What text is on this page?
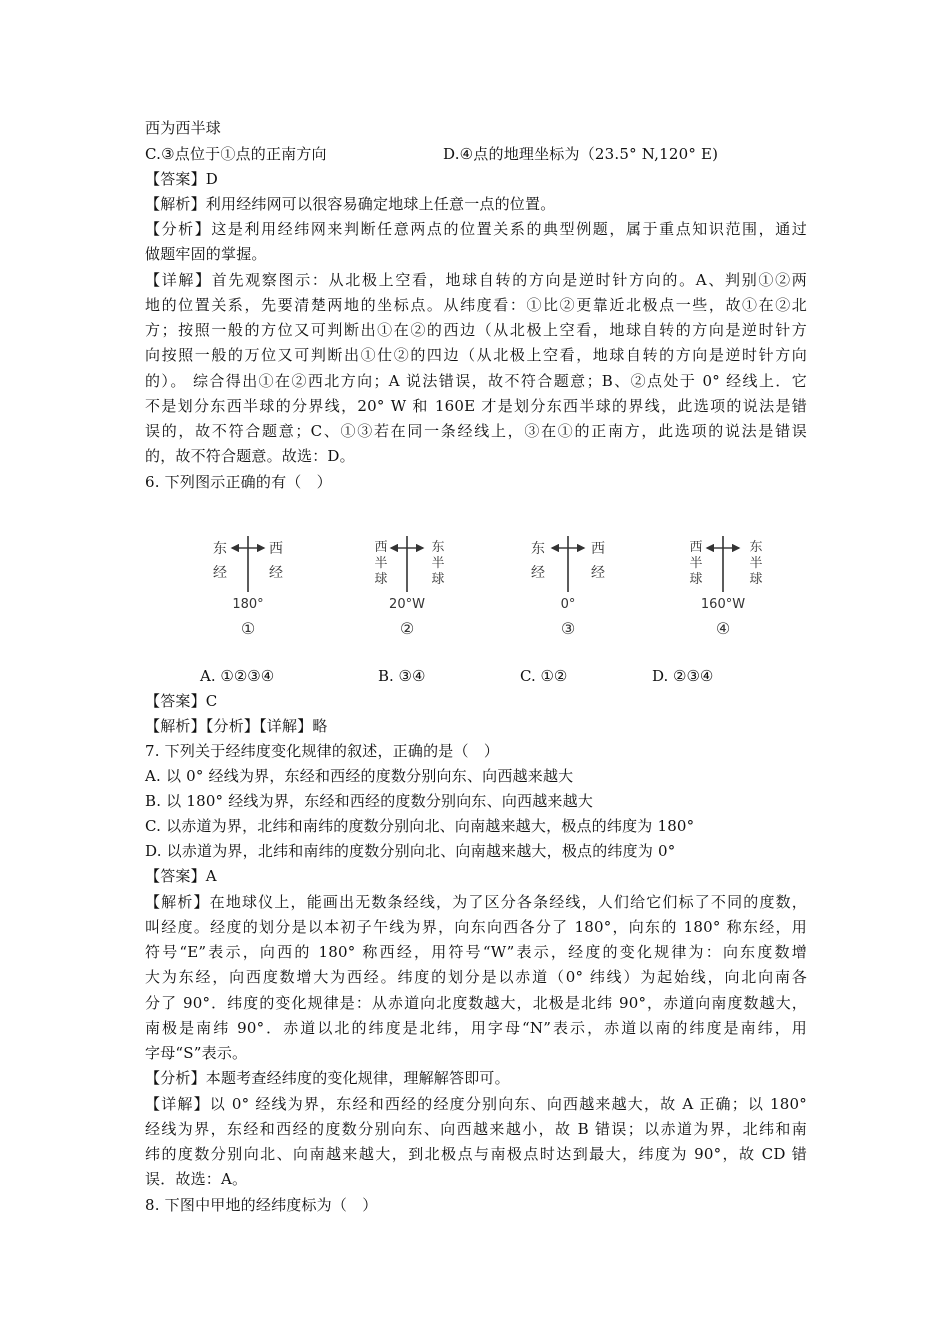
西为西半球
C.③点位于①点的正南方向	D.④点的地理坐标为（23.5° N,120° E)
【答案】D
【解析】利用经纬网可以很容易确定地球上任意一点的位置。
【分析】这是利用经纬网来判断任意两点的位置关系的典型例题，属于重点知识范围，通过
做题牢固的掌握。
【详解】首先观察图示：从北极上空看，地球自转的方向是逆时针方向的。A、判别①②两
地的位置关系，先要清楚两地的坐标点。从纬度看：①比②更靠近北极点一些，故①在②北
方；按照一般的方位又可判断出①在②的西边（从北极上空看，地球自转的方向是逆时针方
向按照一般的万位又可判断出①仕②的四边（从北极上空看，地球自转的方向是逆时针方向
的）。 综合得出①在②西北方向；A 说法错误，故不符合题意；B、②点处于 0° 经线上．它
不是划分东西半球的分界线，20° W 和 160E 才是划分东西半球的界线，此选项的说法是错
误的，故不符合题意；C、①③若在同一条经线上，③在①的正南方，此选项的说法是错误
的，故不符合题意。故选：D。
6. 下列图示正确的有（　）
东
经
西
经
180°
①
西
半
球
东
半
球
20°W
②
东
经
西
经
0°
③
西
半
球
东
半
球
160°W
④
A. ①②③④	B. ③④	C. ①②	D. ②③④
【答案】C
【解析】【分析】【详解】略
7. 下列关于经纬度变化规律的叙述，正确的是（　）
A. 以 0° 经线为界，东经和西经的度数分别向东、向西越来越大
B. 以 180° 经线为界，东经和西经的度数分别向东、向西越来越大
C. 以赤道为界，北纬和南纬的度数分别向北、向南越来越大，极点的纬度为 180°
D. 以赤道为界，北纬和南纬的度数分别向北、向南越来越大，极点的纬度为 0°
【答案】A
【解析】在地球仪上，能画出无数条经线，为了区分各条经线，人们给它们标了不同的度数，
叫经度。经度的划分是以本初子午线为界，向东向西各分了 180°，向东的 180° 称东经，用
符号“E”表示，向西的 180° 称西经，用符号“W”表示，经度的变化规律为：向东度数增
大为东经，向西度数增大为西经。纬度的划分是以赤道（0° 纬线）为起始线，向北向南各
分了 90°．纬度的变化规律是：从赤道向北度数越大，北极是北纬 90°，赤道向南度数越大，
南极是南纬 90°．赤道以北的纬度是北纬，用字母“N”表示，赤道以南的纬度是南纬，用
字母“S”表示。
【分析】本题考查经纬度的变化规律，理解解答即可。
【详解】以 0° 经线为界，东经和西经的经度分别向东、向西越来越大，故 A 正确；以 180°
经线为界，东经和西经的度数分别向东、向西越来越小，故 B 错误；以赤道为界，北纬和南
纬的度数分别向北、向南越来越大，到北极点与南极点时达到最大，纬度为 90°，故 CD 错
误．故选：A。
8. 下图中甲地的经纬度标为（　）
